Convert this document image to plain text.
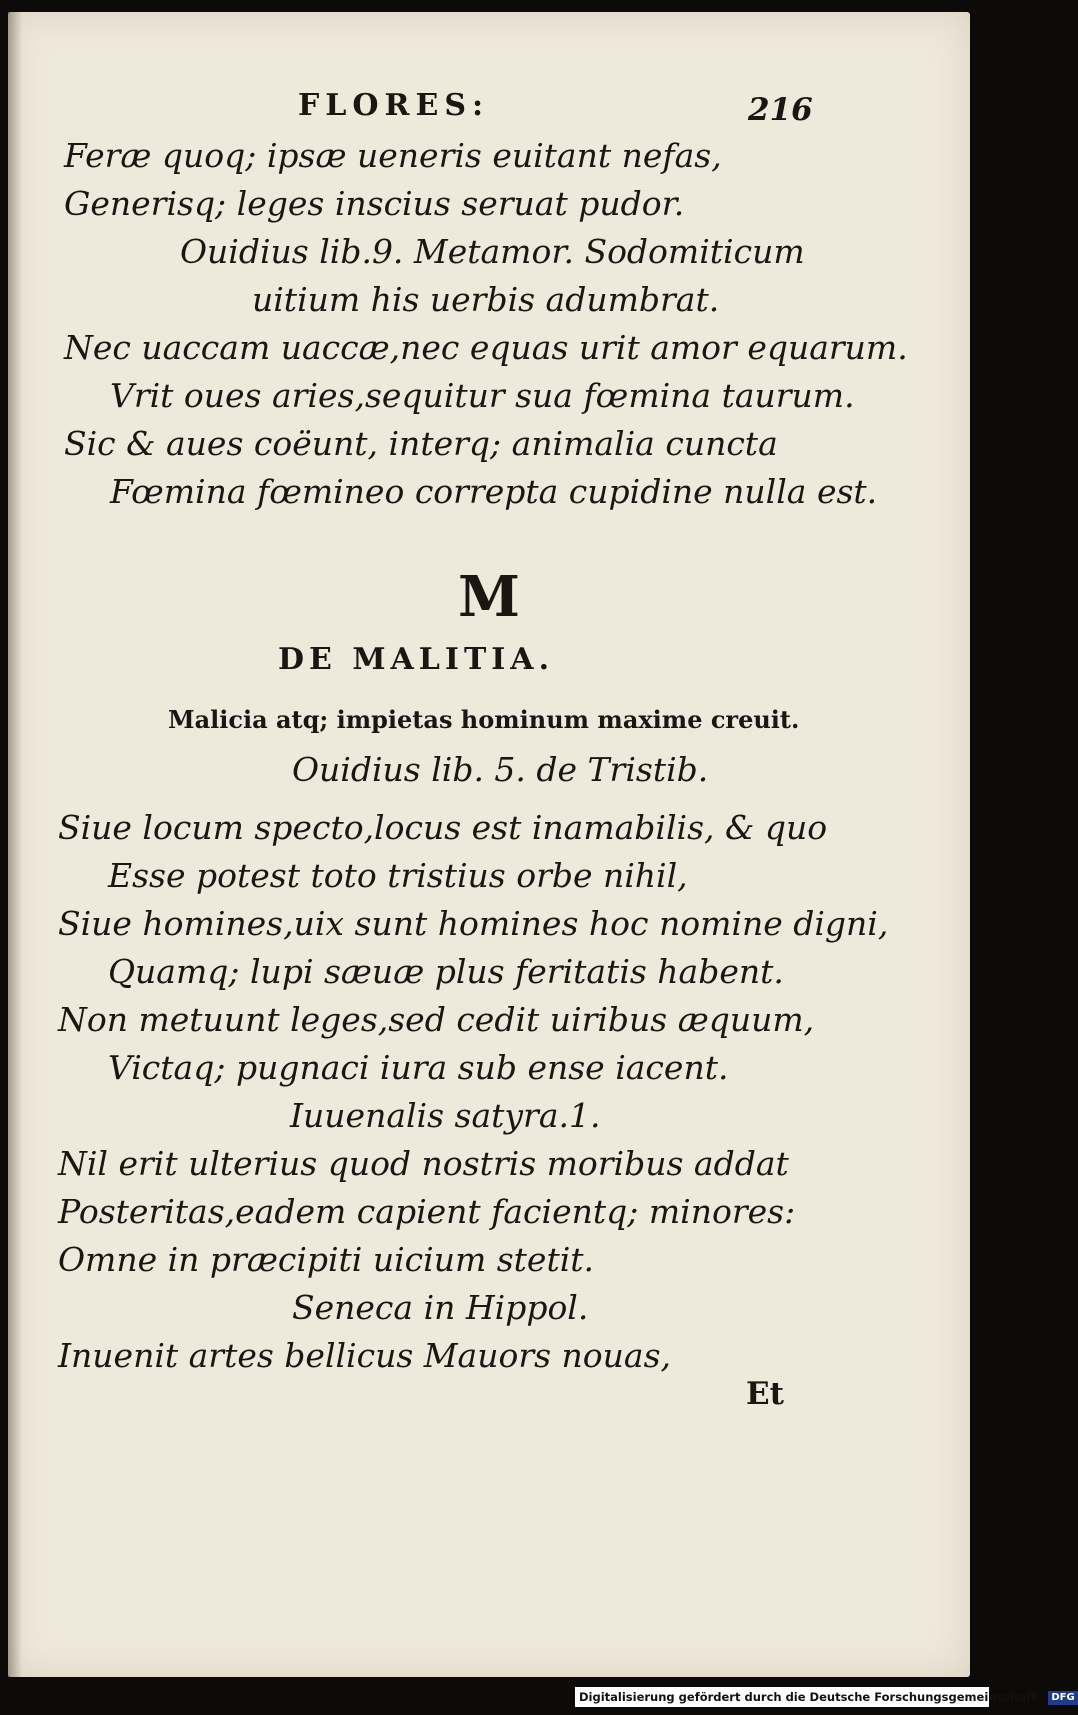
FLORES:	216

Feræ quoq; ipsæ ueneris euitant nefas,

Generisq; leges inscius seruat pudor.

Ouidius lib.9. Metamor. Sodomiticum

uitium his uerbis adumbrat.

Nec uaccam uaccæ,nec equas urit amor equarum.

Vrit oues aries,sequitur sua fœmina taurum.

Sic & aues coëunt, interq; animalia cuncta

Fœmina fœmineo correpta cupidine nulla est.

M
DE MALITIA.
Malicia atq; impietas hominum maxime creuit.

Ouidius lib. 5. de Tristib.

Siue locum specto,locus est inamabilis, & quo

Esse potest toto tristius orbe nihil,

Siue homines,uix sunt homines hoc nomine digni,

Quamq; lupi sæuæ plus feritatis habent.

Non metuunt leges,sed cedit uiribus æquum,

Victaq; pugnaci iura sub ense iacent.

Iuuenalis satyra.1.

Nil erit ulterius quod nostris moribus addat

Posteritas,eadem capient facientq; minores:

Omne in præcipiti uicium stetit.

Seneca in Hippol.

Inuenit artes bellicus Mauors nouas,

Et
Digitalisierung gefördert durch die Deutsche Forschungsgemeinschaft - DFG
